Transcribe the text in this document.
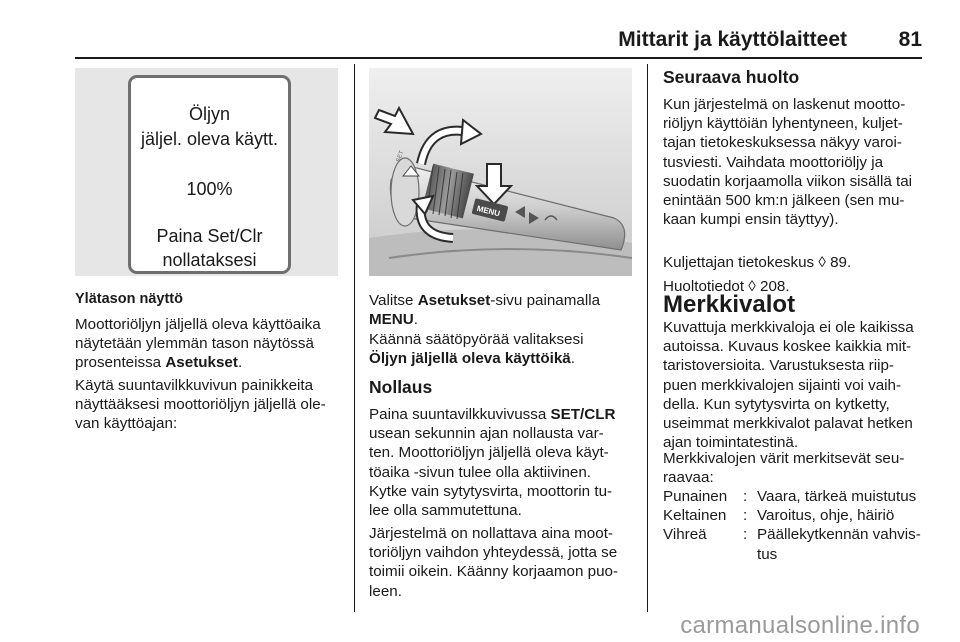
Mittarit ja käyttölaitteet 81
Öljyn
jäljel. oleva käytt.
100%
Paina Set/Clr
nollataksesi
Ylätason näyttö
Moottoriöljyn jäljellä oleva käyttöaika
näytetään ylemmän tason näytössä
prosenteissa Asetukset.
Käytä suuntavilkkuvivun painikkeita
näyttääksesi moottoriöljyn jäljellä ole-
van käyttöajan:
MENU
SET
Valitse Asetukset-sivu painamalla
MENU.
Käännä säätöpyörää valitaksesi
Öljyn jäljellä oleva käyttöikä.
Nollaus
Paina suuntavilkkuvivussa SET/CLR
usean sekunnin ajan nollausta var-
ten. Moottoriöljyn jäljellä oleva käyt-
töaika -sivun tulee olla aktiivinen.
Kytke vain sytytysvirta, moottorin tu-
lee olla sammutettuna.
Järjestelmä on nollattava aina moot-
toriöljyn vaihdon yhteydessä, jotta se
toimii oikein. Käänny korjaamon puo-
leen.
Seuraava huolto
Kun järjestelmä on laskenut mootto-
riöljyn käyttöiän lyhentyneen, kuljet-
tajan tietokeskuksessa näkyy varoi-
tusviesti. Vaihdata moottoriöljy ja
suodatin korjaamolla viikon sisällä tai
enintään 500 km:n jälkeen (sen mu-
kaan kumpi ensin täyttyy).
Kuljettajan tietokeskus ◊ 89.
Huoltotiedot ◊ 208.
Merkkivalot
Kuvattuja merkkivaloja ei ole kaikissa
autoissa. Kuvaus koskee kaikkia mit-
taristoversioita. Varustuksesta riip-
puen merkkivalojen sijainti voi vaih-
della. Kun sytytysvirta on kytketty,
useimmat merkkivalot palavat hetken
ajan toimintatestinä.
Merkkivalojen värit merkitsevät seu-
raavaa:
Punainen	: Vaara, tärkeä muistutus
Keltainen	: Varoitus, ohje, häiriö
Vihreä	: Päällekytkennän vahvis-
tus
carmanualsonline.info
